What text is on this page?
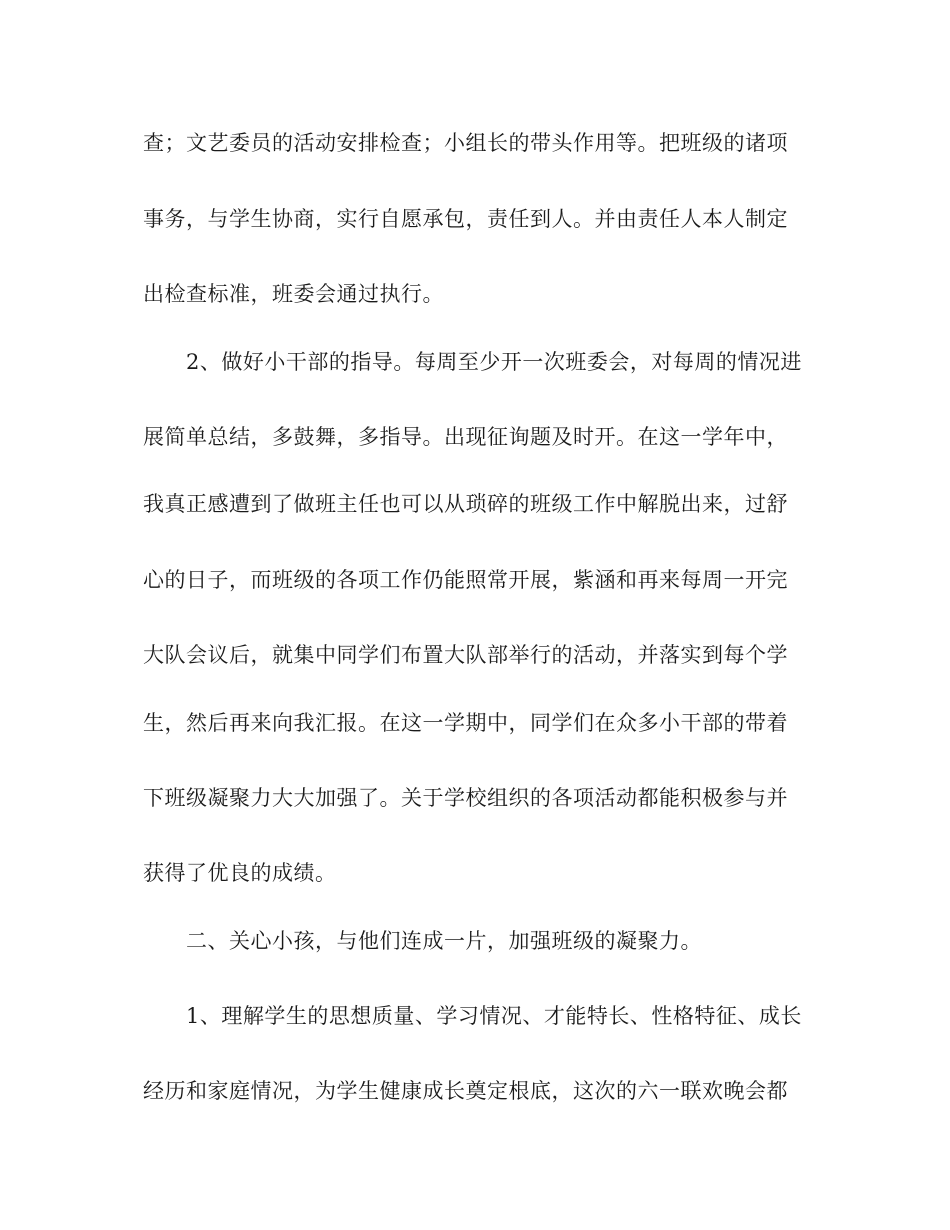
查；文艺委员的活动安排检查；小组长的带头作用等。把班级的诸项
事务，与学生协商，实行自愿承包，责任到人。并由责任人本人制定
出检查标准，班委会通过执行。
2、做好小干部的指导。每周至少开一次班委会，对每周的情况进
展简单总结，多鼓舞，多指导。出现征询题及时开。在这一学年中，
我真正感遭到了做班主任也可以从琐碎的班级工作中解脱出来，过舒
心的日子，而班级的各项工作仍能照常开展，紫涵和再来每周一开完
大队会议后，就集中同学们布置大队部举行的活动，并落实到每个学
生，然后再来向我汇报。在这一学期中，同学们在众多小干部的带着
下班级凝聚力大大加强了。关于学校组织的各项活动都能积极参与并
获得了优良的成绩。
二、关心小孩，与他们连成一片，加强班级的凝聚力。
1、理解学生的思想质量、学习情况、才能特长、性格特征、成长
经历和家庭情况，为学生健康成长奠定根底，这次的六一联欢晚会都
